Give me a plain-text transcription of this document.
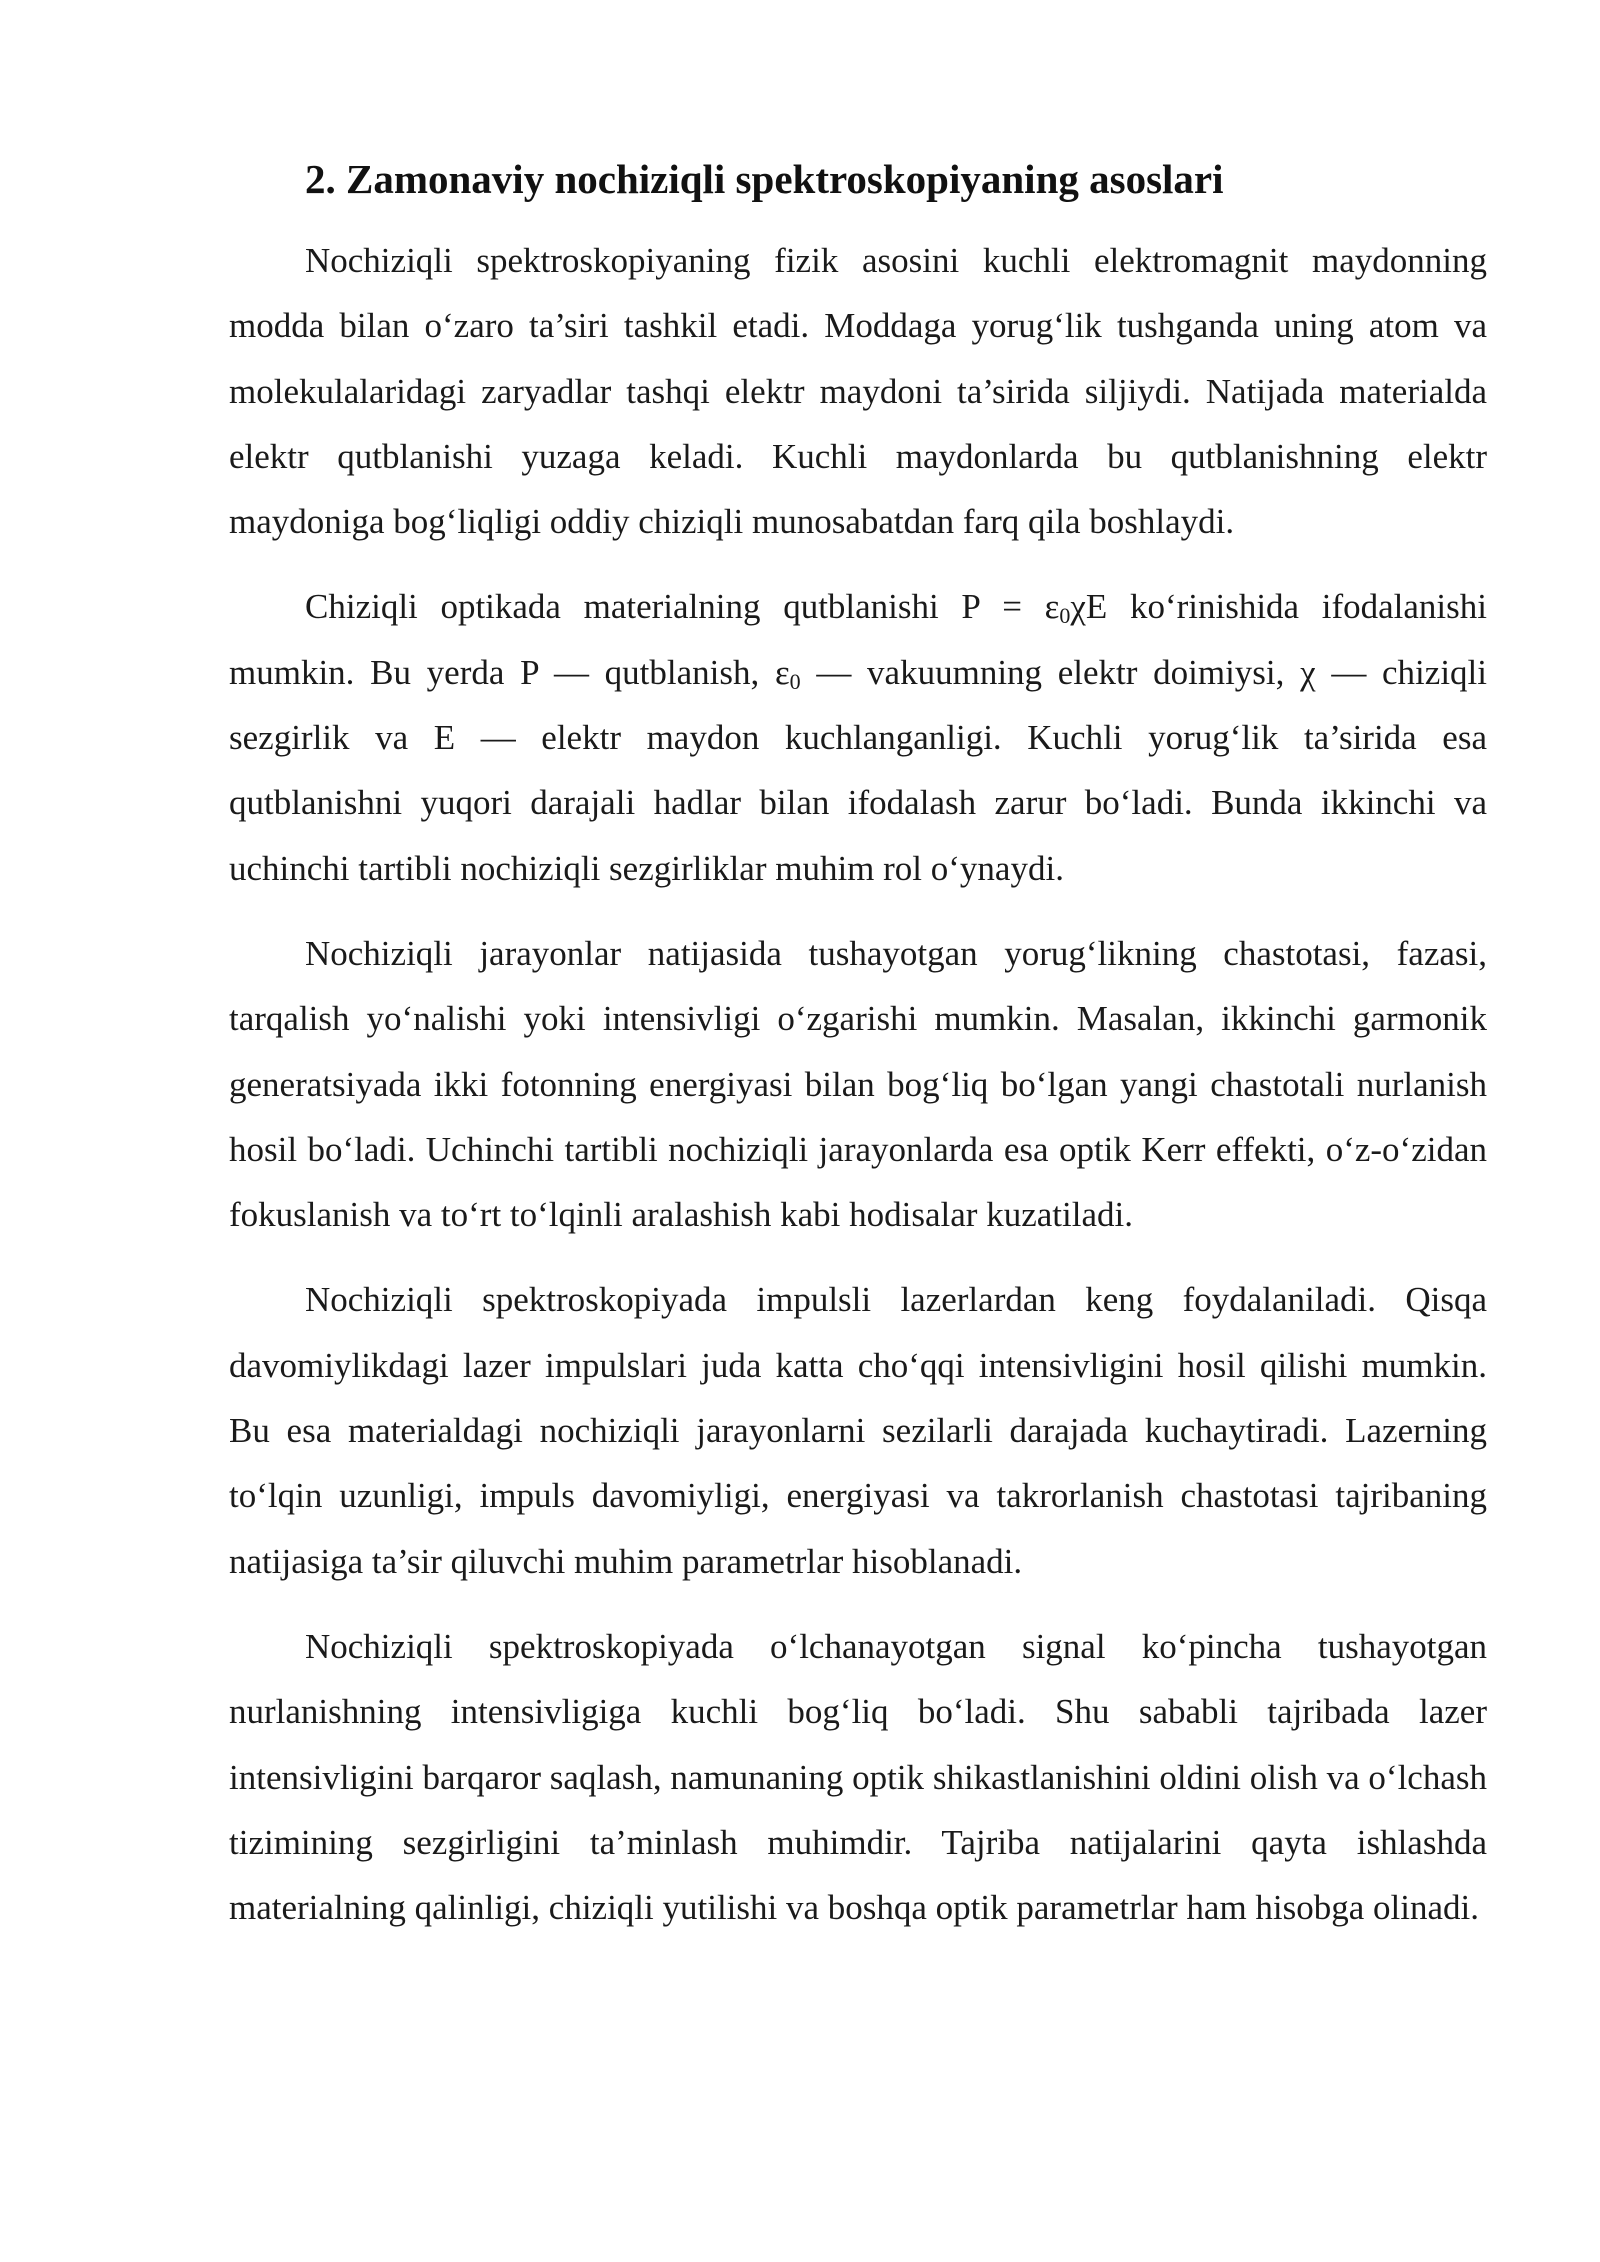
2. Zamonaviy nochiziqli spektroskopiyaning asoslari

Nochiziqli spektroskopiyaning fizik asosini kuchli elektromagnit maydonning modda bilan o‘zaro ta’siri tashkil etadi. Moddaga yorug‘lik tushganda uning atom va molekulalaridagi zaryadlar tashqi elektr maydoni ta’sirida siljiydi. Natijada materialda elektr qutblanishi yuzaga keladi. Kuchli maydonlarda bu qutblanishning elektr maydoniga bog‘liqligi oddiy chiziqli munosabatdan farq qila boshlaydi.

Chiziqli optikada materialning qutblanishi $P = \varepsilon_0\chi E$ ko‘rinishida ifodalanishi mumkin. Bu yerda P — qutblanish, $\varepsilon_0$ — vakuumning elektr doimiysi, χ — chiziqli sezgirlik va E — elektr maydon kuchlanganligi. Kuchli yorug‘lik ta’sirida esa qutblanishni yuqori darajali hadlar bilan ifodalash zarur bo‘ladi. Bunda ikkinchi va uchinchi tartibli nochiziqli sezgirliklar muhim rol o‘ynaydi.

Nochiziqli jarayonlar natijasida tushayotgan yorug‘likning chastotasi, fazasi, tarqalish yo‘nalishi yoki intensivligi o‘zgarishi mumkin. Masalan, ikkinchi garmonik generatsiyada ikki fotonning energiyasi bilan bog‘liq bo‘lgan yangi chastotali nurlanish hosil bo‘ladi. Uchinchi tartibli nochiziqli jarayonlarda esa optik Kerr effekti, o‘z-o‘zidan fokuslanish va to‘rt to‘lqinli aralashish kabi hodisalar kuzatiladi.

Nochiziqli spektroskopiyada impulsli lazerlardan keng foydalaniladi. Qisqa davomiylikdagi lazer impulslari juda katta cho‘qqi intensivligini hosil qilishi mumkin. Bu esa materialdagi nochiziqli jarayonlarni sezilarli darajada kuchaytiradi. Lazerning to‘lqin uzunligi, impuls davomiyligi, energiyasi va takrorlanish chastotasi tajribaning natijasiga ta’sir qiluvchi muhim parametrlar hisoblanadi.

Nochiziqli spektroskopiyada o‘lchanayotgan signal ko‘pincha tushayotgan nurlanishning intensivligiga kuchli bog‘liq bo‘ladi. Shu sababli tajribada lazer intensivligini barqaror saqlash, namunaning optik shikastlanishini oldini olish va o‘lchash tizimining sezgirligini ta’minlash muhimdir. Tajriba natijalarini qayta ishlashda materialning qalinligi, chiziqli yutilishi va boshqa optik parametrlar ham hisobga olinadi.
